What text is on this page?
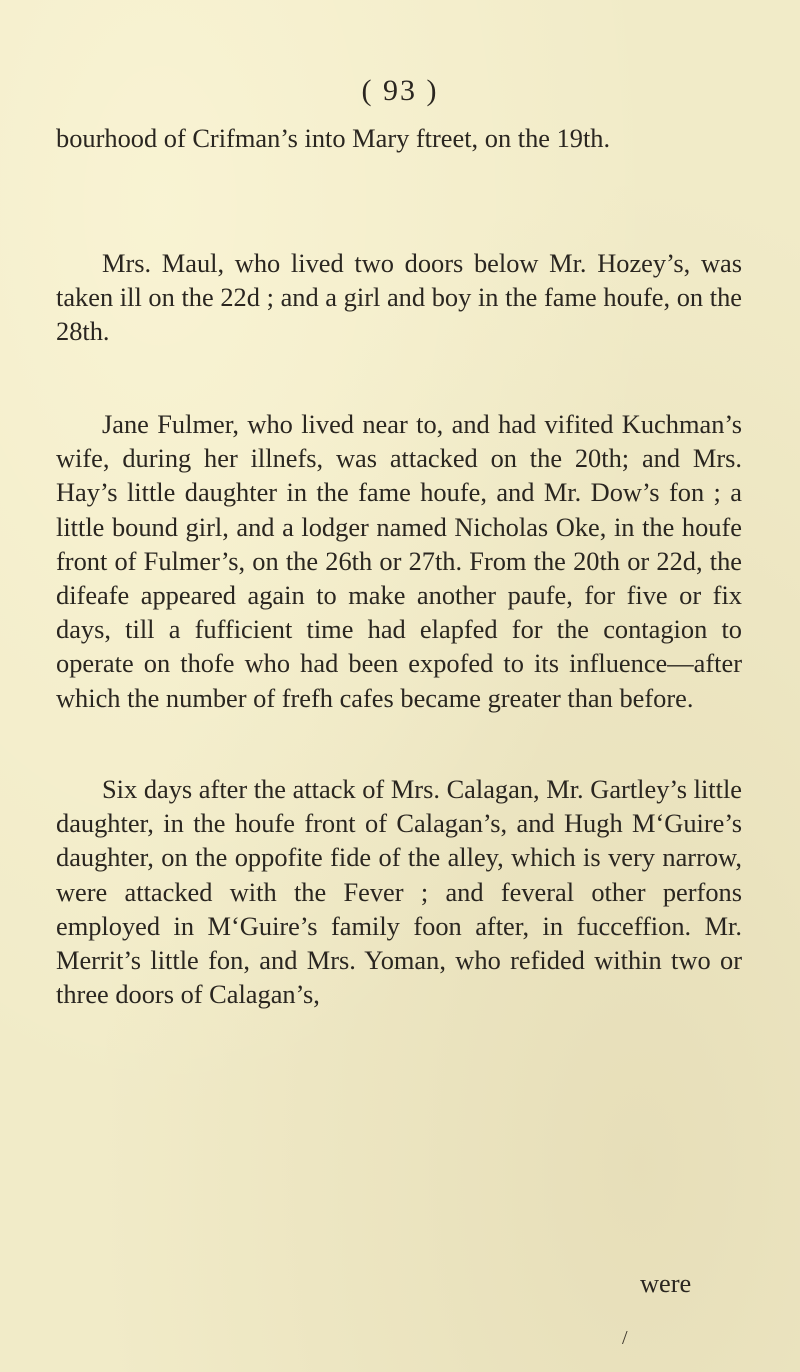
( 93 )

bourhood of Crifman’s into Mary ftreet, on the 19th.

Mrs. Maul, who lived two doors below Mr. Hozey’s, was taken ill on the 22d ; and a girl and boy in the fame houfe, on the 28th.

Jane Fulmer, who lived near to, and had vifited Kuchman’s wife, during her illnefs, was attacked on the 20th; and Mrs. Hay’s little daughter in the fame houfe, and Mr. Dow’s fon ; a little bound girl, and a lodger named Nicholas Oke, in the houfe front of Fulmer’s, on the 26th or 27th. From the 20th or 22d, the difeafe appeared again to make another paufe, for five or fix days, till a fufficient time had elapfed for the contagion to operate on thofe who had been expofed to its influence—after which the number of frefh cafes became greater than before.

Six days after the attack of Mrs. Calagan, Mr. Gartley’s little daughter, in the houfe front of Calagan’s, and Hugh M‘Guire’s daughter, on the oppofite fide of the alley, which is very narrow, were attacked with the Fever ; and feveral other perfons employed in M‘Guire’s family foon after, in fucceffion. Mr. Merrit’s little fon, and Mrs. Yoman, who refided within two or three doors of Calagan’s,

were
/
